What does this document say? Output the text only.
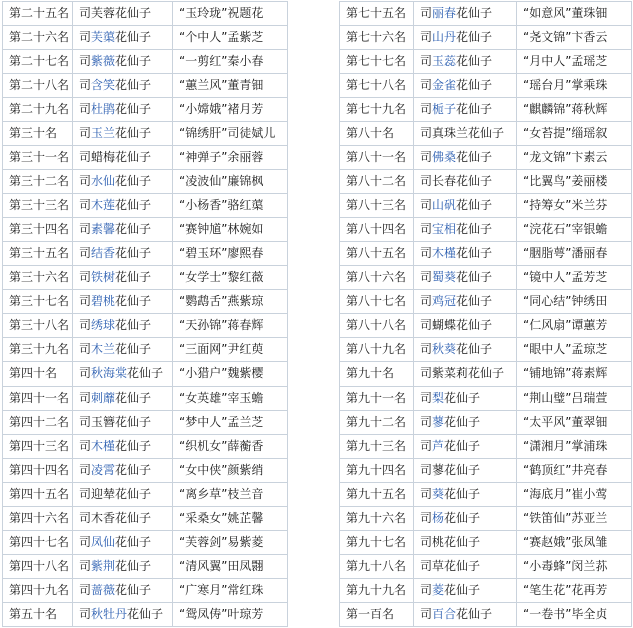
第二十五名	司芙蓉花仙子	“玉玲珑”祝题花
第二十六名	司芙蕖花仙子	“个中人”孟紫芝
第二十七名	司紫薇花仙子	“一剪红”秦小春
第二十八名	司含笑花仙子	“蕙兰风”董青钿
第二十九名	司杜鹃花仙子	“小嫦娥”褚月芳
第三十名	司玉兰花仙子	“锦绣肝”司徒娬儿
第三十一名	司蜡梅花仙子	“神弹子”余丽蓉
第三十二名	司水仙花仙子	“凌波仙”廉锦枫
第三十三名	司木莲花仙子	“小杨香”骆红蕖
第三十四名	司素馨花仙子	“赛钟馗”林婉如
第三十五名	司结香花仙子	“碧玉环”廖熙春
第三十六名	司铁树花仙子	“女学士”黎红薇
第三十七名	司碧桃花仙子	“鹦鹉舌”燕紫琼
第三十八名	司绣球花仙子	“天孙锦”蒋春辉
第三十九名	司木兰花仙子	“三面网”尹红萸
第四十名	司秋海棠花仙子	“小猎户”魏紫樱
第四十一名	司刺蘼花仙子	“女英雄”宰玉蟾
第四十二名	司玉簪花仙子	“梦中人”孟兰芝
第四十三名	司木槿花仙子	“织机女”薛蘅香
第四十四名	司凌霄花仙子	“女中侠”颜紫绡
第四十五名	司迎辇花仙子	“离乡草”枝兰音
第四十六名	司木香花仙子	“采桑女”姚芷馨
第四十七名	司凤仙花仙子	“芙蓉剑”易紫菱
第四十八名	司紫荆花仙子	“清风翼”田凤翾
第四十九名	司蔷薇花仙子	“广寒月”常红珠
第五十名	司秋牡丹花仙子	“鸳凤俦”叶琼芳
第七十五名	司丽春花仙子	“如意风”董珠钿
第七十六名	司山丹花仙子	“尧文锦”卞香云
第七十七名	司玉蕊花仙子	“月中人”孟瑶芝
第七十八名	司金雀花仙子	“瑶台月”掌乘珠
第七十九名	司栀子花仙子	“麒麟锦”蒋秋辉
第八十名	司真珠兰花仙子	“女苔提”缁瑶叙
第八十一名	司佛桑花仙子	“龙文锦”卞素云
第八十二名	司长春花仙子	“比翼鸟”姜丽楼
第八十三名	司山矾花仙子	“持筹女”米兰芬
第八十四名	司宝相花仙子	“浣花石”宰银蟾
第八十五名	司木槿花仙子	“胭脂萼”潘丽春
第八十六名	司蜀葵花仙子	“镜中人”孟芳芝
第八十七名	司鸡冠花仙子	“同心结”钟绣田
第八十八名	司蝴蝶花仙子	“仁风扇”谭蕙芳
第八十九名	司秋葵花仙子	“眼中人”孟琼芝
第九十名	司紫菜莉花仙子	“铺地锦”蒋素辉
第九十一名	司梨花仙子	“荆山璧”吕瑞萱
第九十二名	司蓼花仙子	“太平风”董翠钿
第九十三名	司芦花仙子	“潇湘月”掌浦珠
第九十四名	司蓼花仙子	“鹤顶红”井亮春
第九十五名	司葵花仙子	“海底月”崔小莺
第九十六名	司杨花仙子	“铁笛仙”苏亚兰
第九十七名	司桃花仙子	“赛赵娥”张凤雏
第九十八名	司草花仙子	“小毒蜂”闵兰荪
第九十九名	司菱花仙子	“笔生花”花再芳
第一百名	司百合花仙子	“一卷书”毕全贞
